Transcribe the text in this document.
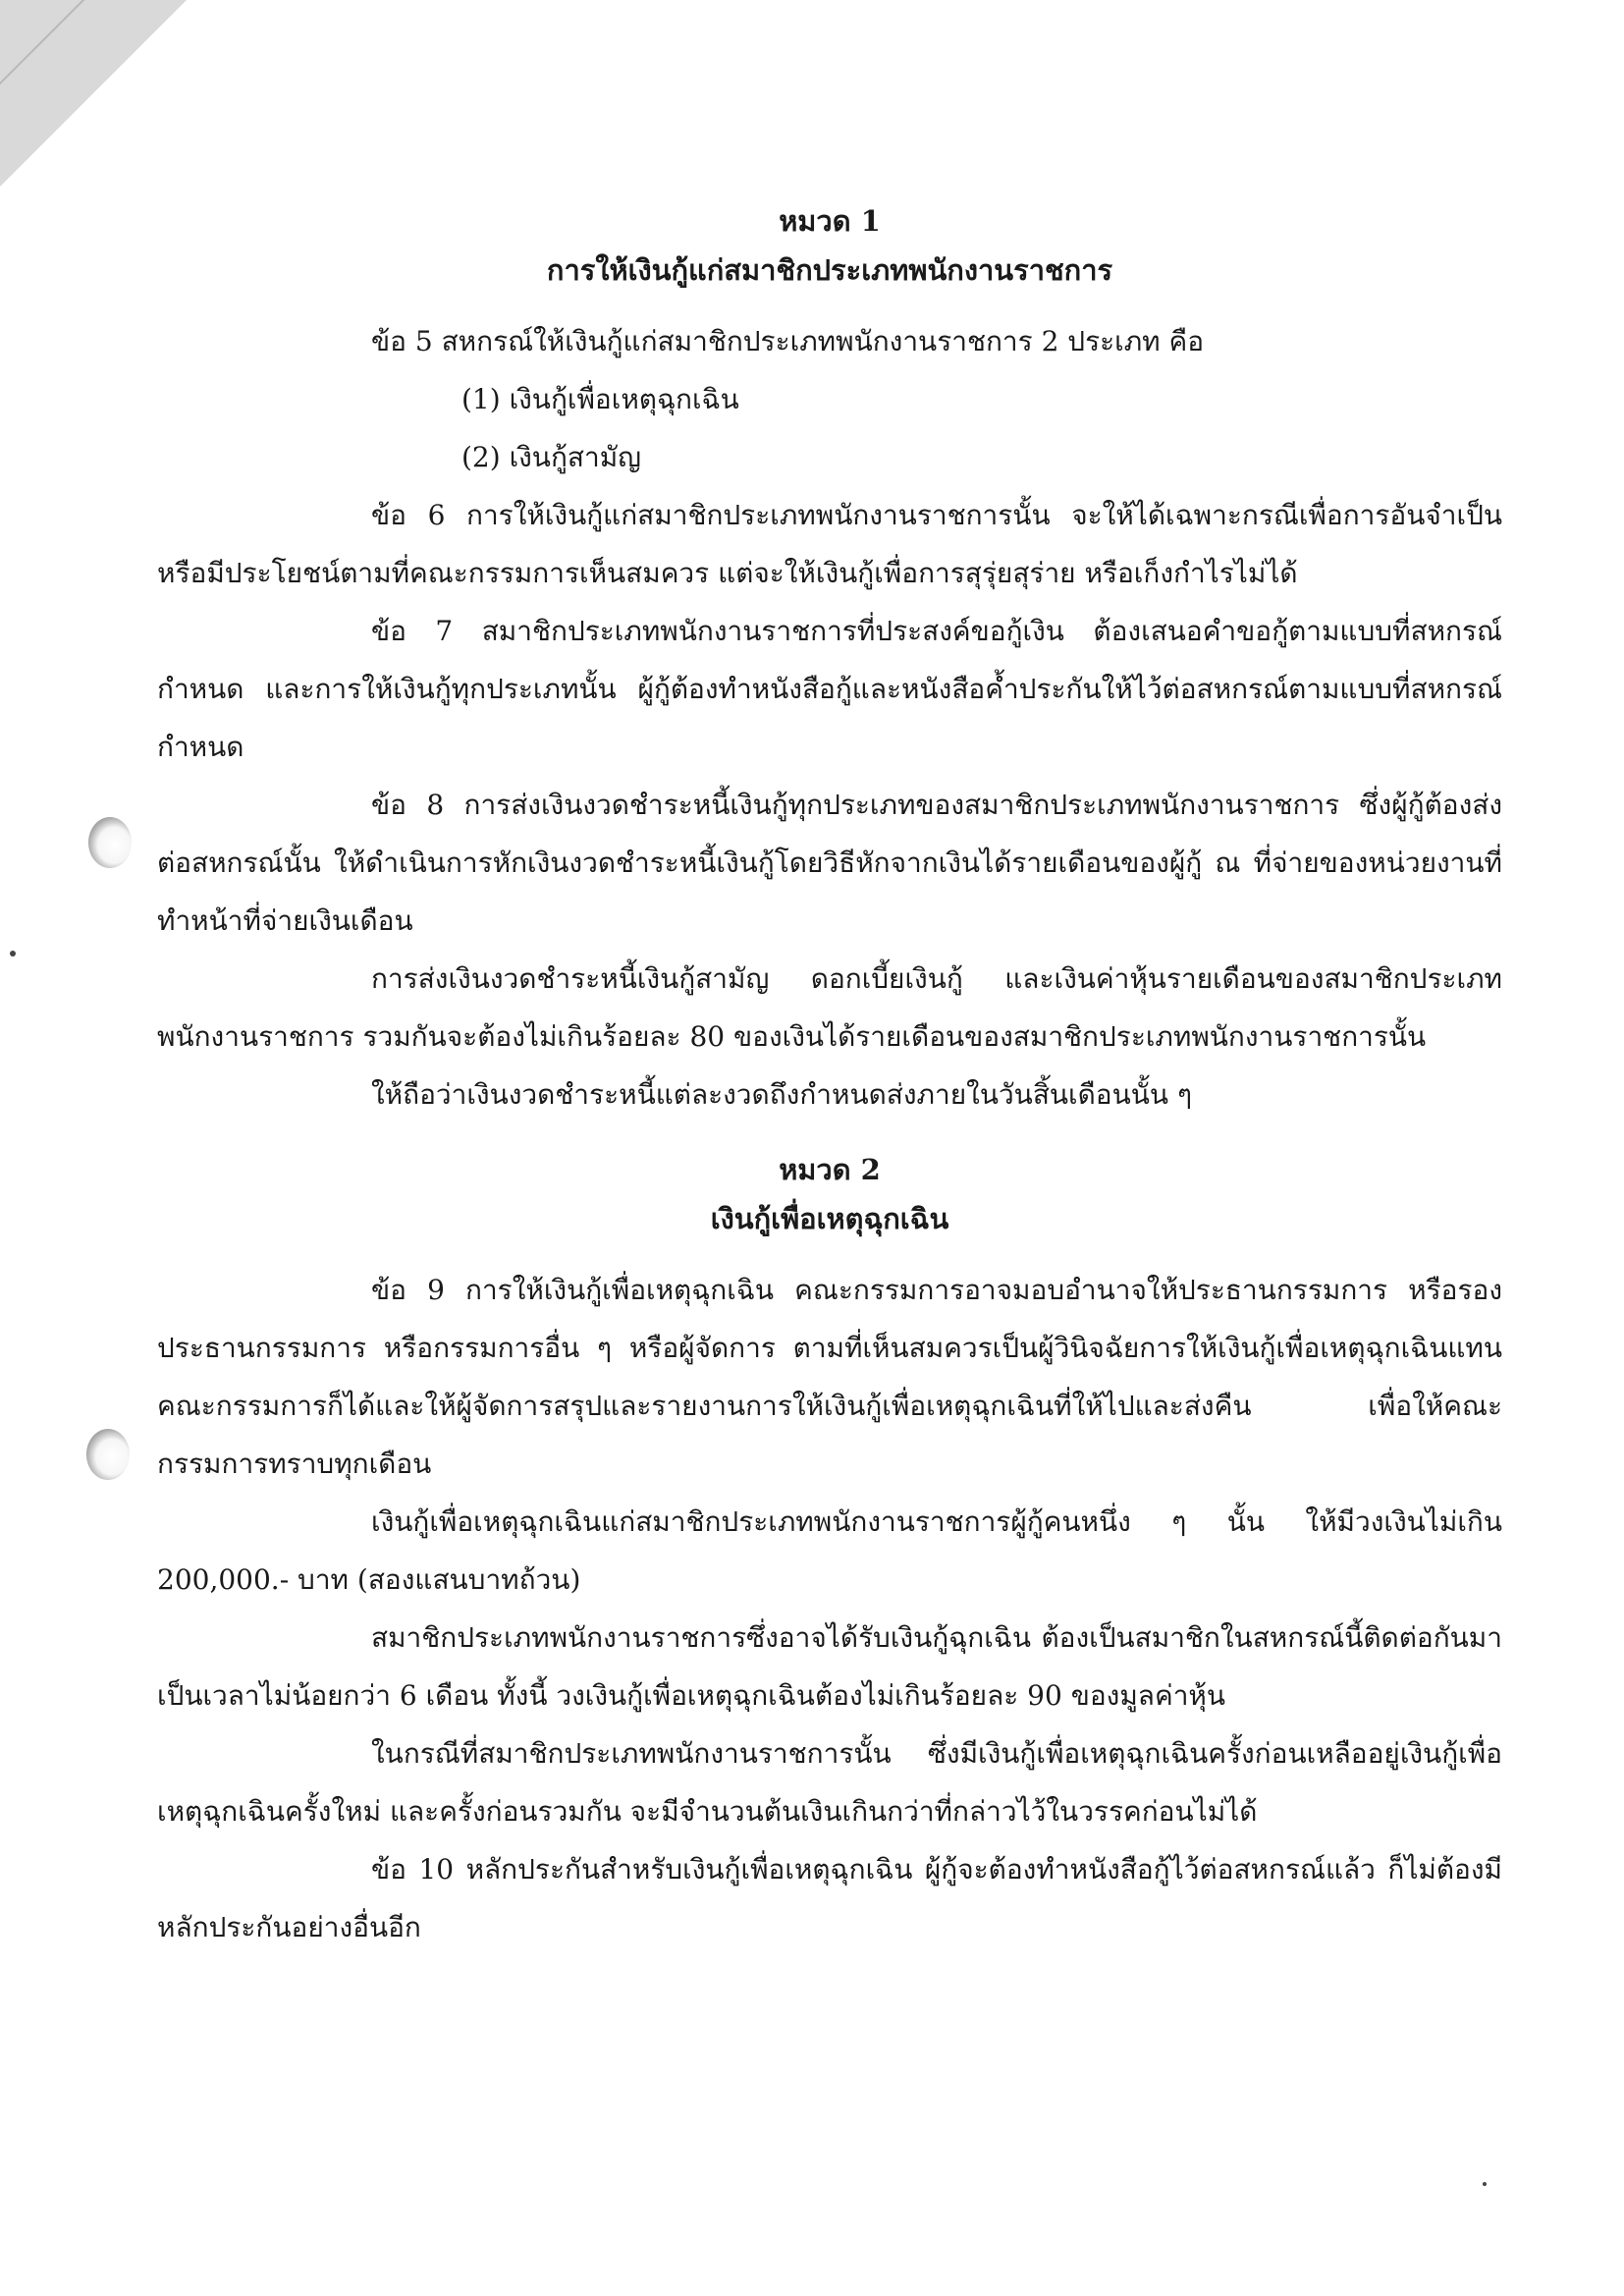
หมวด 1
การให้เงินกู้แก่สมาชิกประเภทพนักงานราชการ

ข้อ 5 สหกรณ์ให้เงินกู้แก่สมาชิกประเภทพนักงานราชการ 2 ประเภท คือ

(1) เงินกู้เพื่อเหตุฉุกเฉิน

(2) เงินกู้สามัญ

ข้อ 6 การให้เงินกู้แก่สมาชิกประเภทพนักงานราชการนั้น จะให้ได้เฉพาะกรณีเพื่อการอันจำเป็น หรือมีประโยชน์ตามที่คณะกรรมการเห็นสมควร แต่จะให้เงินกู้เพื่อการสุรุ่ยสุร่าย หรือเก็งกำไรไม่ได้

ข้อ 7 สมาชิกประเภทพนักงานราชการที่ประสงค์ขอกู้เงิน ต้องเสนอคำขอกู้ตามแบบที่สหกรณ์กำหนด และการให้เงินกู้ทุกประเภทนั้น ผู้กู้ต้องทำหนังสือกู้และหนังสือค้ำประกันให้ไว้ต่อสหกรณ์ตามแบบที่สหกรณ์กำหนด

ข้อ 8 การส่งเงินงวดชำระหนี้เงินกู้ทุกประเภทของสมาชิกประเภทพนักงานราชการ ซึ่งผู้กู้ต้องส่งต่อสหกรณ์นั้น ให้ดำเนินการหักเงินงวดชำระหนี้เงินกู้โดยวิธีหักจากเงินได้รายเดือนของผู้กู้ ณ ที่จ่ายของหน่วยงานที่ทำหน้าที่จ่ายเงินเดือน

การส่งเงินงวดชำระหนี้เงินกู้สามัญ ดอกเบี้ยเงินกู้ และเงินค่าหุ้นรายเดือนของสมาชิกประเภทพนักงานราชการ รวมกันจะต้องไม่เกินร้อยละ 80 ของเงินได้รายเดือนของสมาชิกประเภทพนักงานราชการนั้น

ให้ถือว่าเงินงวดชำระหนี้แต่ละงวดถึงกำหนดส่งภายในวันสิ้นเดือนนั้น ๆ

หมวด 2
เงินกู้เพื่อเหตุฉุกเฉิน

ข้อ 9 การให้เงินกู้เพื่อเหตุฉุกเฉิน คณะกรรมการอาจมอบอำนาจให้ประธานกรรมการ หรือรองประธานกรรมการ หรือกรรมการอื่น ๆ หรือผู้จัดการ ตามที่เห็นสมควรเป็นผู้วินิจฉัยการให้เงินกู้เพื่อเหตุฉุกเฉินแทนคณะกรรมการก็ได้และให้ผู้จัดการสรุปและรายงานการให้เงินกู้เพื่อเหตุฉุกเฉินที่ให้ไปและส่งคืน เพื่อให้คณะกรรมการทราบทุกเดือน

เงินกู้เพื่อเหตุฉุกเฉินแก่สมาชิกประเภทพนักงานราชการผู้กู้คนหนึ่ง ๆ นั้น ให้มีวงเงินไม่เกิน 200,000.- บาท (สองแสนบาทถ้วน)

สมาชิกประเภทพนักงานราชการซึ่งอาจได้รับเงินกู้ฉุกเฉิน ต้องเป็นสมาชิกในสหกรณ์นี้ติดต่อกันมาเป็นเวลาไม่น้อยกว่า 6 เดือน ทั้งนี้ วงเงินกู้เพื่อเหตุฉุกเฉินต้องไม่เกินร้อยละ 90 ของมูลค่าหุ้น

ในกรณีที่สมาชิกประเภทพนักงานราชการนั้น ซึ่งมีเงินกู้เพื่อเหตุฉุกเฉินครั้งก่อนเหลืออยู่เงินกู้เพื่อเหตุฉุกเฉินครั้งใหม่ และครั้งก่อนรวมกัน จะมีจำนวนต้นเงินเกินกว่าที่กล่าวไว้ในวรรคก่อนไม่ได้

ข้อ 10 หลักประกันสำหรับเงินกู้เพื่อเหตุฉุกเฉิน ผู้กู้จะต้องทำหนังสือกู้ไว้ต่อสหกรณ์แล้ว ก็ไม่ต้องมีหลักประกันอย่างอื่นอีก
